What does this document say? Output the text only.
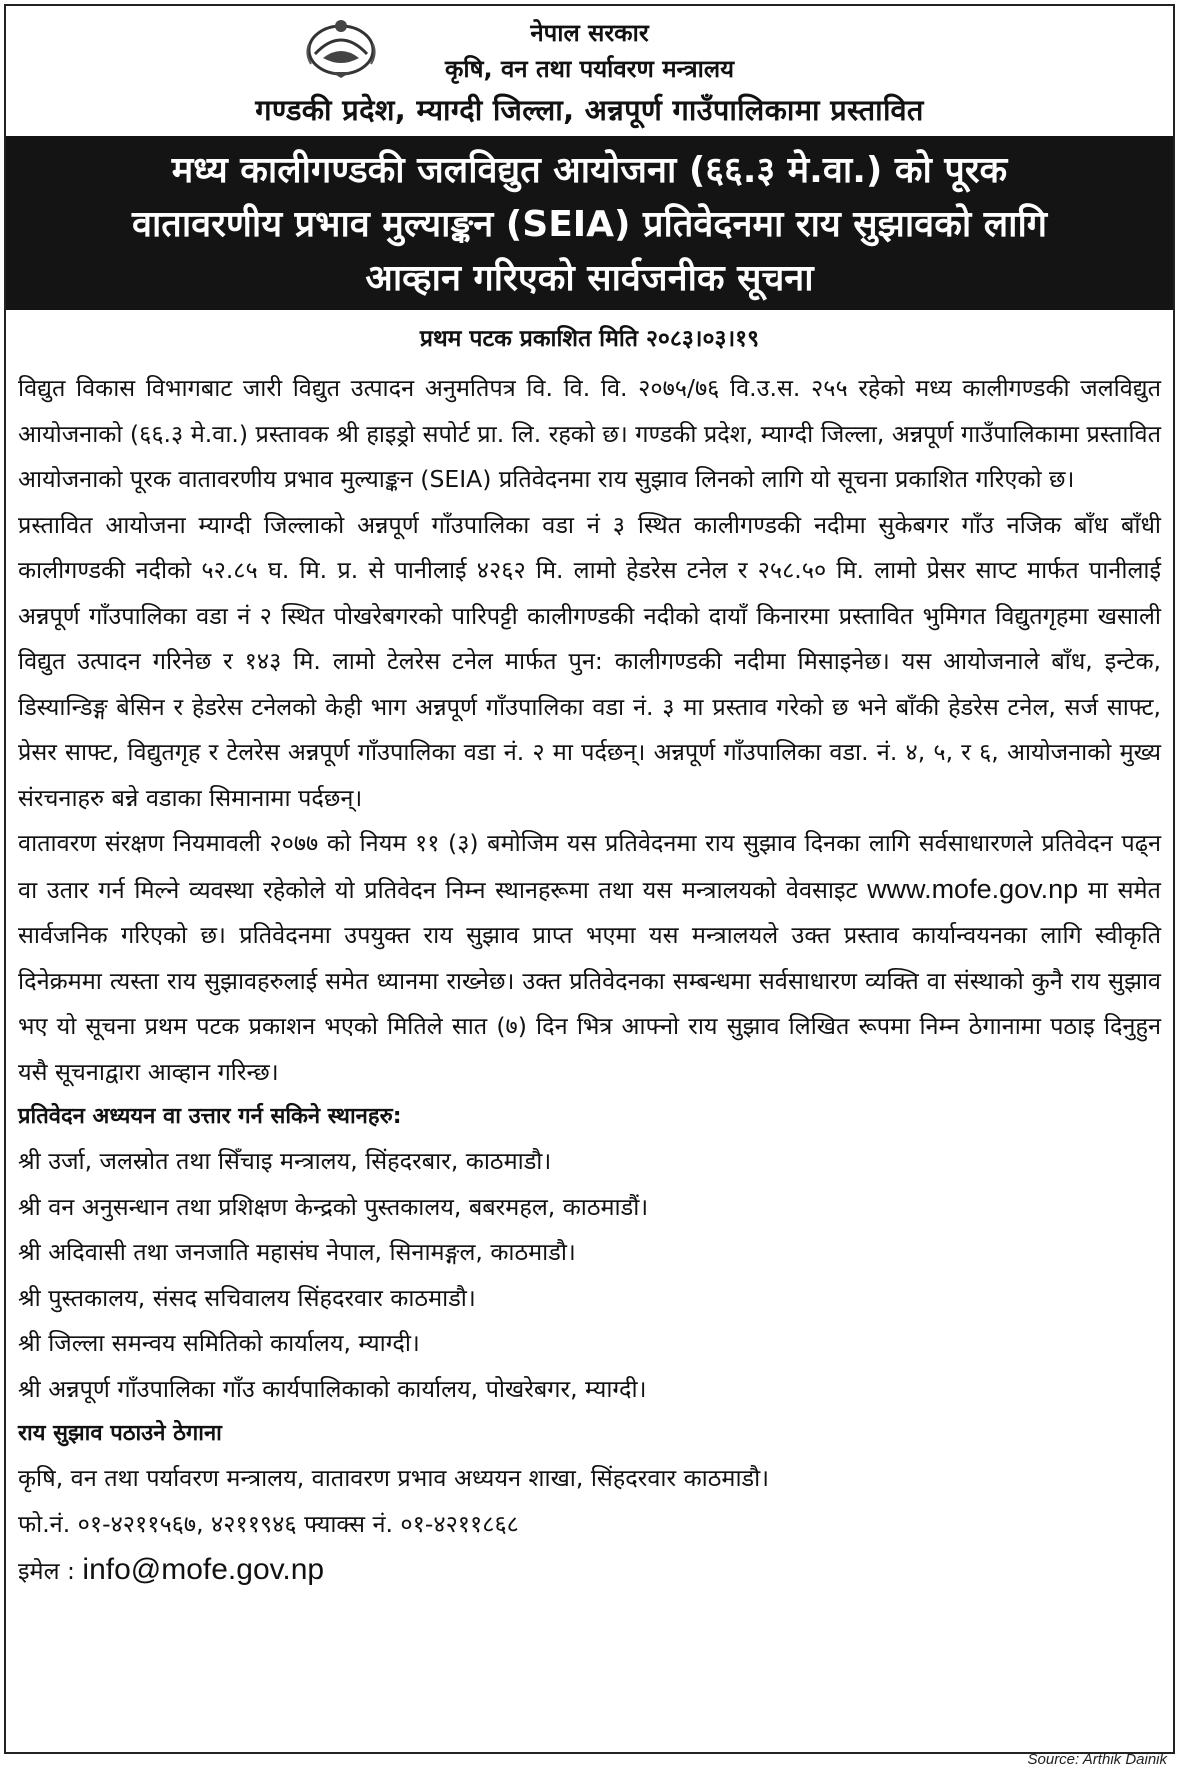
नेपाल सरकार
कृषि, वन तथा पर्यावरण मन्त्रालय
गण्डकी प्रदेश, म्याग्दी जिल्ला, अन्नपूर्ण गाउँपालिकामा प्रस्तावित
मध्य कालीगण्डकी जलविद्युत आयोजना (६६.३ मे.वा.) को पूरक
वातावरणीय प्रभाव मुल्याङ्कन (SEIA) प्रतिवेदनमा राय सुझावको लागि
आव्हान गरिएको सार्वजनीक सूचना
प्रथम पटक प्रकाशित मिति २०८३।०३।१९

विद्युत विकास विभागबाट जारी विद्युत उत्पादन अनुमतिपत्र वि. वि. वि. २०७५/७६ वि.उ.स. २५५ रहेको मध्य कालीगण्डकी जलविद्युत आयोजनाको (६६.३ मे.वा.) प्रस्तावक श्री हाइड्रो सपोर्ट प्रा. लि. रहको छ। गण्डकी प्रदेश, म्याग्दी जिल्ला, अन्नपूर्ण गाउँपालिकामा प्रस्तावित आयोजनाको पूरक वातावरणीय प्रभाव मुल्याङ्कन (SEIA) प्रतिवेदनमा राय सुझाव लिनको लागि यो सूचना प्रकाशित गरिएको छ।

प्रस्तावित आयोजना म्याग्दी जिल्लाको अन्नपूर्ण गाँउपालिका वडा नं ३ स्थित कालीगण्डकी नदीमा सुकेबगर गाँउ नजिक बाँध बाँधी कालीगण्डकी नदीको ५२.८५ घ. मि. प्र. से पानीलाई ४२६२ मि. लामो हेडरेस टनेल र २५८.५० मि. लामो प्रेसर साप्ट मार्फत पानीलाई अन्नपूर्ण गाँउपालिका वडा नं २ स्थित पोखरेबगरको पारिपट्टी कालीगण्डकी नदीको दायाँ किनारमा प्रस्तावित भुमिगत विद्युतगृहमा खसाली विद्युत उत्पादन गरिनेछ र १४३ मि. लामो टेलरेस टनेल मार्फत पुन: कालीगण्डकी नदीमा मिसाइनेछ। यस आयोजनाले बाँध, इन्टेक, डिस्यान्डिङ्ग बेसिन र हेडरेस टनेलको केही भाग अन्नपूर्ण गाँउपालिका वडा नं. ३ मा प्रस्ताव गरेको छ भने बाँकी हेडरेस टनेल, सर्ज साफ्ट, प्रेसर साफ्ट, विद्युतगृह र टेलरेस अन्नपूर्ण गाँउपालिका वडा नं. २ मा पर्दछन्। अन्नपूर्ण गाँउपालिका वडा. नं. ४, ५, र ६, आयोजनाको मुख्य संरचनाहरु बन्ने वडाका सिमानामा पर्दछन्।

वातावरण संरक्षण नियमावली २०७७ को नियम ११ (३) बमोजिम यस प्रतिवेदनमा राय सुझाव दिनका लागि सर्वसाधारणले प्रतिवेदन पढ्न वा उतार गर्न मिल्ने व्यवस्था रहेकोले यो प्रतिवेदन निम्न स्थानहरूमा तथा यस मन्त्रालयको वेवसाइट www.mofe.gov.np मा समेत सार्वजनिक गरिएको छ। प्रतिवेदनमा उपयुक्त राय सुझाव प्राप्त भएमा यस मन्त्रालयले उक्त प्रस्ताव कार्यान्वयनका लागि स्वीकृति दिनेक्रममा त्यस्ता राय सुझावहरुलाई समेत ध्यानमा राख्नेछ। उक्त प्रतिवेदनका सम्बन्धमा सर्वसाधारण व्यक्ति वा संस्थाको कुनै राय सुझाव भए यो सूचना प्रथम पटक प्रकाशन भएको मितिले सात (७) दिन भित्र आफ्नो राय सुझाव लिखित रूपमा निम्न ठेगानामा पठाइ दिनुहुन यसै सूचनाद्वारा आव्हान गरिन्छ।

प्रतिवेदन अध्ययन वा उत्तार गर्न सकिने स्थानहरु:
श्री उर्जा, जलस्रोत तथा सिँचाइ मन्त्रालय, सिंहदरबार, काठमाडौ।
श्री वन अनुसन्धान तथा प्रशिक्षण केन्द्रको पुस्तकालय, बबरमहल, काठमाडौं।
श्री अदिवासी तथा जनजाति महासंघ नेपाल, सिनामङ्गल, काठमाडौ।
श्री पुस्तकालय, संसद सचिवालय सिंहदरवार काठमाडौ।
श्री जिल्ला समन्वय समितिको कार्यालय, म्याग्दी।
श्री अन्नपूर्ण गाँउपालिका गाँउ कार्यपालिकाको कार्यालय, पोखरेबगर, म्याग्दी।
राय सुझाव पठाउने ठेगाना
कृषि, वन तथा पर्यावरण मन्त्रालय, वातावरण प्रभाव अध्ययन शाखा, सिंहदरवार काठमाडौ।
फो.नं. ०१-४२११५६७, ४२११९४६ फ्याक्स नं. ०१-४२११८६८
इमेल : info@mofe.gov.np
Source: Arthik Dainik
